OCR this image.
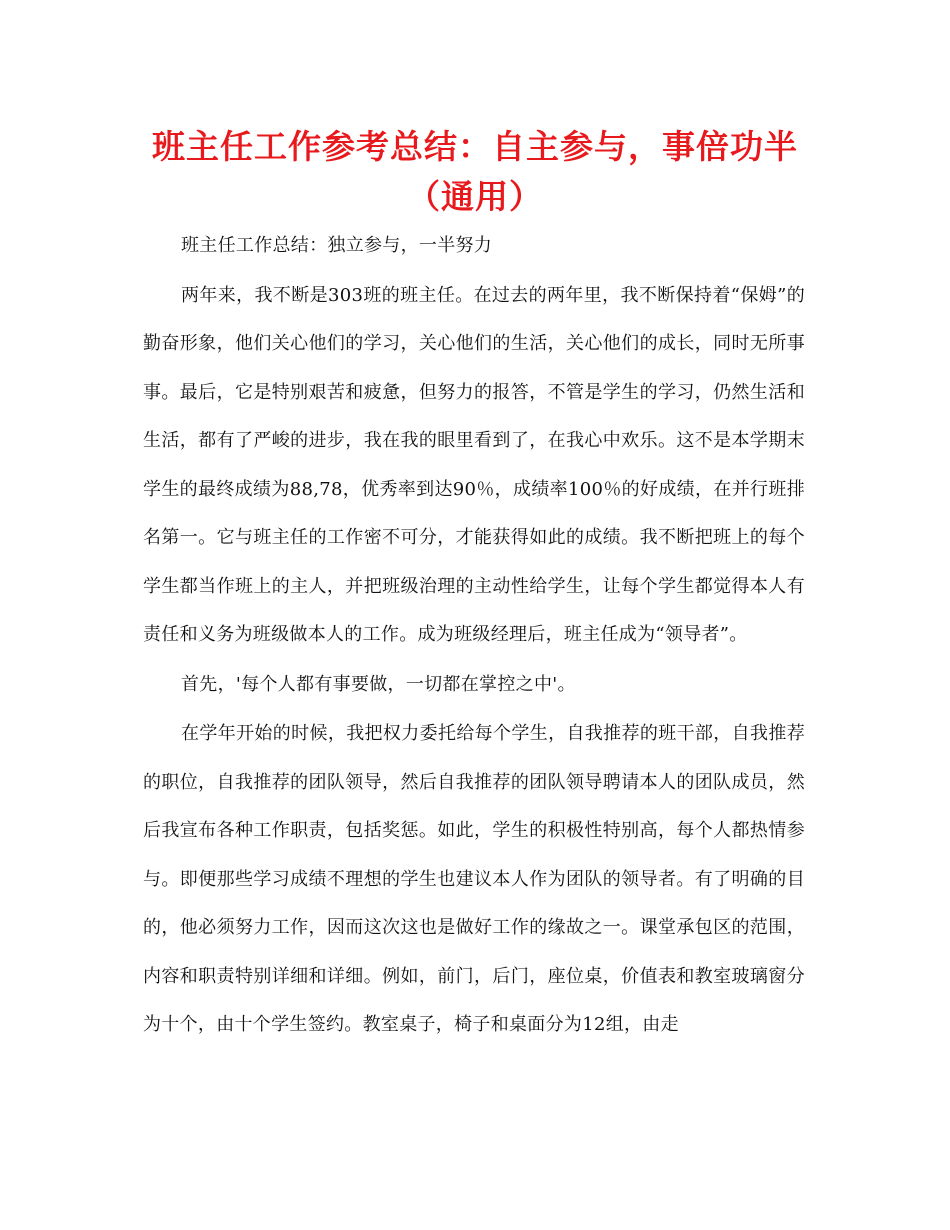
班主任工作参考总结：自主参与，事倍功半（通用）

班主任工作总结：独立参与，一半努力

两年来，我不断是303班的班主任。在过去的两年里，我不断保持着“保姆”的勤奋形象，他们关心他们的学习，关心他们的生活，关心他们的成长，同时无所事事。最后，它是特别艰苦和疲惫，但努力的报答，不管是学生的学习，仍然生活和生活，都有了严峻的进步，我在我的眼里看到了，在我心中欢乐。这不是本学期末学生的最终成绩为88,78，优秀率到达90％，成绩率100％的好成绩，在并行班排名第一。它与班主任的工作密不可分，才能获得如此的成绩。我不断把班上的每个学生都当作班上的主人，并把班级治理的主动性给学生，让每个学生都觉得本人有责任和义务为班级做本人的工作。成为班级经理后，班主任成为“领导者”。

首先，'每个人都有事要做，一切都在掌控之中'。

在学年开始的时候，我把权力委托给每个学生，自我推荐的班干部，自我推荐的职位，自我推荐的团队领导，然后自我推荐的团队领导聘请本人的团队成员，然后我宣布各种工作职责，包括奖惩。如此，学生的积极性特别高，每个人都热情参与。即便那些学习成绩不理想的学生也建议本人作为团队的领导者。有了明确的目的，他必须努力工作，因而这次这也是做好工作的缘故之一。课堂承包区的范围，内容和职责特别详细和详细。例如，前门，后门，座位桌，价值表和教室玻璃窗分为十个，由十个学生签约。教室桌子，椅子和桌面分为12组，由走
